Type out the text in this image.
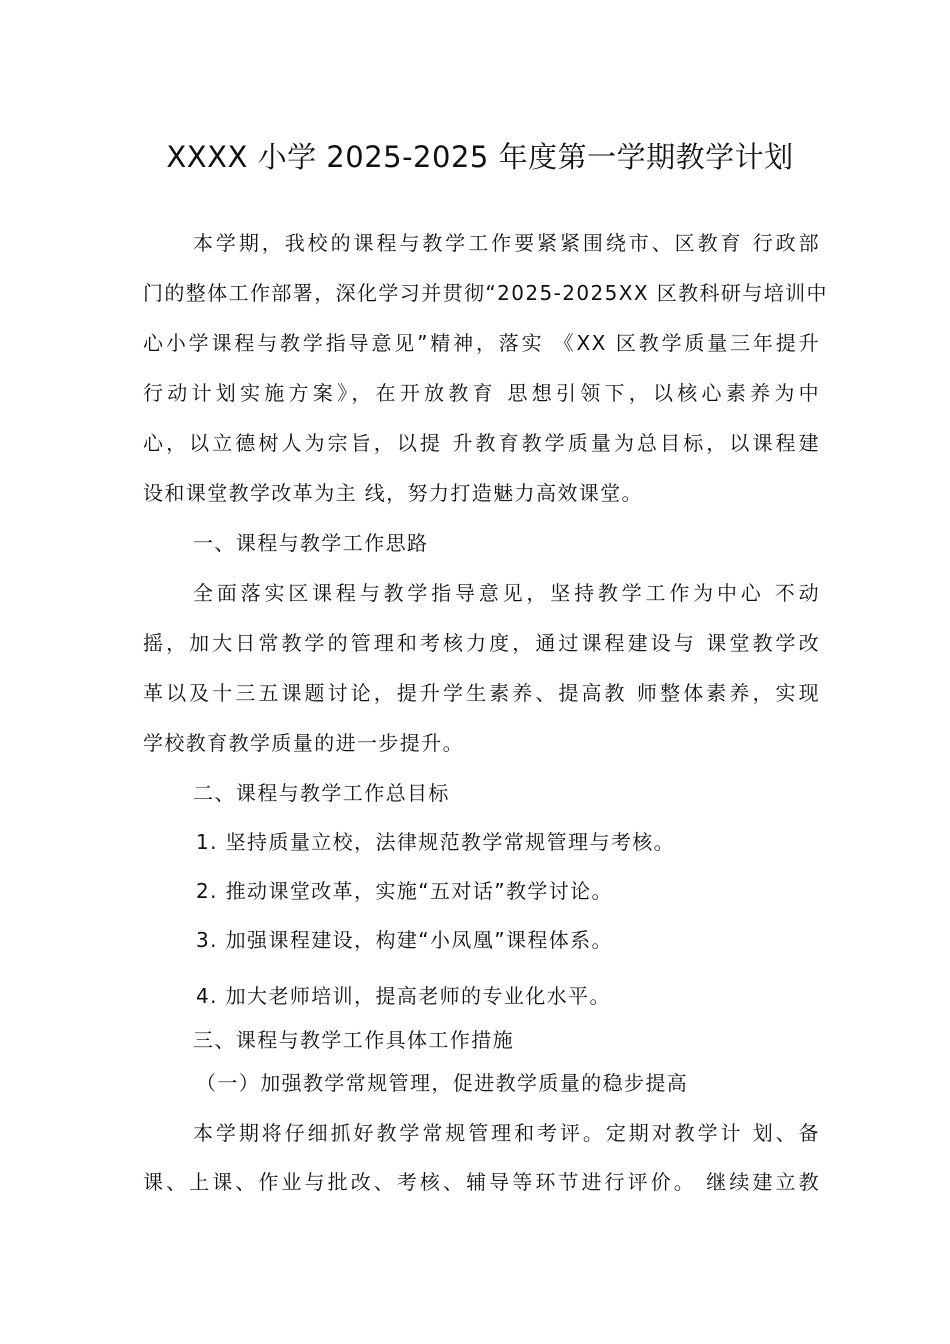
XXXX 小学 2025-2025 年度第一学期教学计划
本学期，我校的课程与教学工作要紧紧围绕市、区教育 行政部
门的整体工作部署，深化学习并贯彻“2025-2025XX 区教科研与培训中
心小学课程与教学指导意见”精神，落实 《XX 区教学质量三年提升
行动计划实施方案》，在开放教育 思想引领下，以核心素养为中
心，以立德树人为宗旨，以提 升教育教学质量为总目标，以课程建
设和课堂教学改革为主 线，努力打造魅力高效课堂。
一、课程与教学工作思路
全面落实区课程与教学指导意见，坚持教学工作为中心 不动
摇，加大日常教学的管理和考核力度，通过课程建设与 课堂教学改
革以及十三五课题讨论，提升学生素养、提高教 师整体素养，实现
学校教育教学质量的进一步提升。
二、课程与教学工作总目标
1. 坚持质量立校，法律规范教学常规管理与考核。
2. 推动课堂改革，实施“五对话”教学讨论。
3. 加强课程建设，构建“小凤凰”课程体系。
4. 加大老师培训，提高老师的专业化水平。
三、课程与教学工作具体工作措施
（一）加强教学常规管理，促进教学质量的稳步提高
本学期将仔细抓好教学常规管理和考评。定期对教学计 划、备
课、上课、作业与批改、考核、辅导等环节进行评价。 继续建立教
